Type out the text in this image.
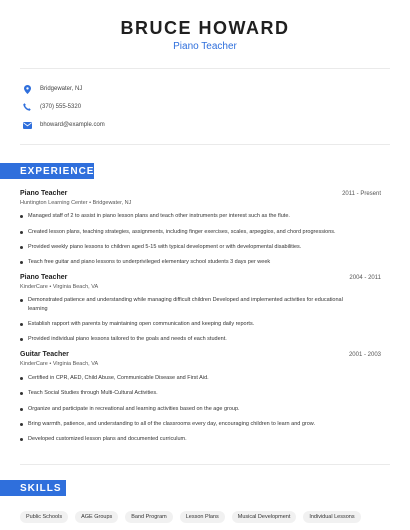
BRUCE HOWARD
Piano Teacher
Bridgewater, NJ
(370) 555-5320
bhoward@example.com
EXPERIENCE
Piano Teacher	2011 - Present
Huntington Learning Center • Bridgewater, NJ
Managed staff of 2 to assist in piano lesson plans and teach other instruments per interest such as the flute.
Created lesson plans, teaching strategies, assignments, including finger exercises, scales, arpeggios, and chord progressions.
Provided weekly piano lessons to children aged 5-15 with typical development or with developmental disabilities.
Teach free guitar and piano lessons to underprivileged elementary school students 3 days per week
Piano Teacher	2004 - 2011
KinderCare • Virginia Beach, VA
Demonstrated patience and understanding while managing difficult children Developed and implemented activities for educational learning
Establish rapport with parents by maintaining open communication and keeping daily reports.
Provided individual piano lessons tailored to the goals and needs of each student.
Guitar Teacher	2001 - 2003
KinderCare • Virginia Beach, VA
Certified in CPR, AED, Child Abuse, Communicable Disease and First Aid.
Teach Social Studies through Multi-Cultural Activities.
Organize and participate in recreational and learning activities based on the age group.
Bring warmth, patience, and understanding to all of the classrooms every day, encouraging children to learn and grow.
Developed customized lesson plans and documented curriculum.
SKILLS
Public Schools	AGE Groups	Band Program	Lesson Plans	Musical Development	Individual Lessons
